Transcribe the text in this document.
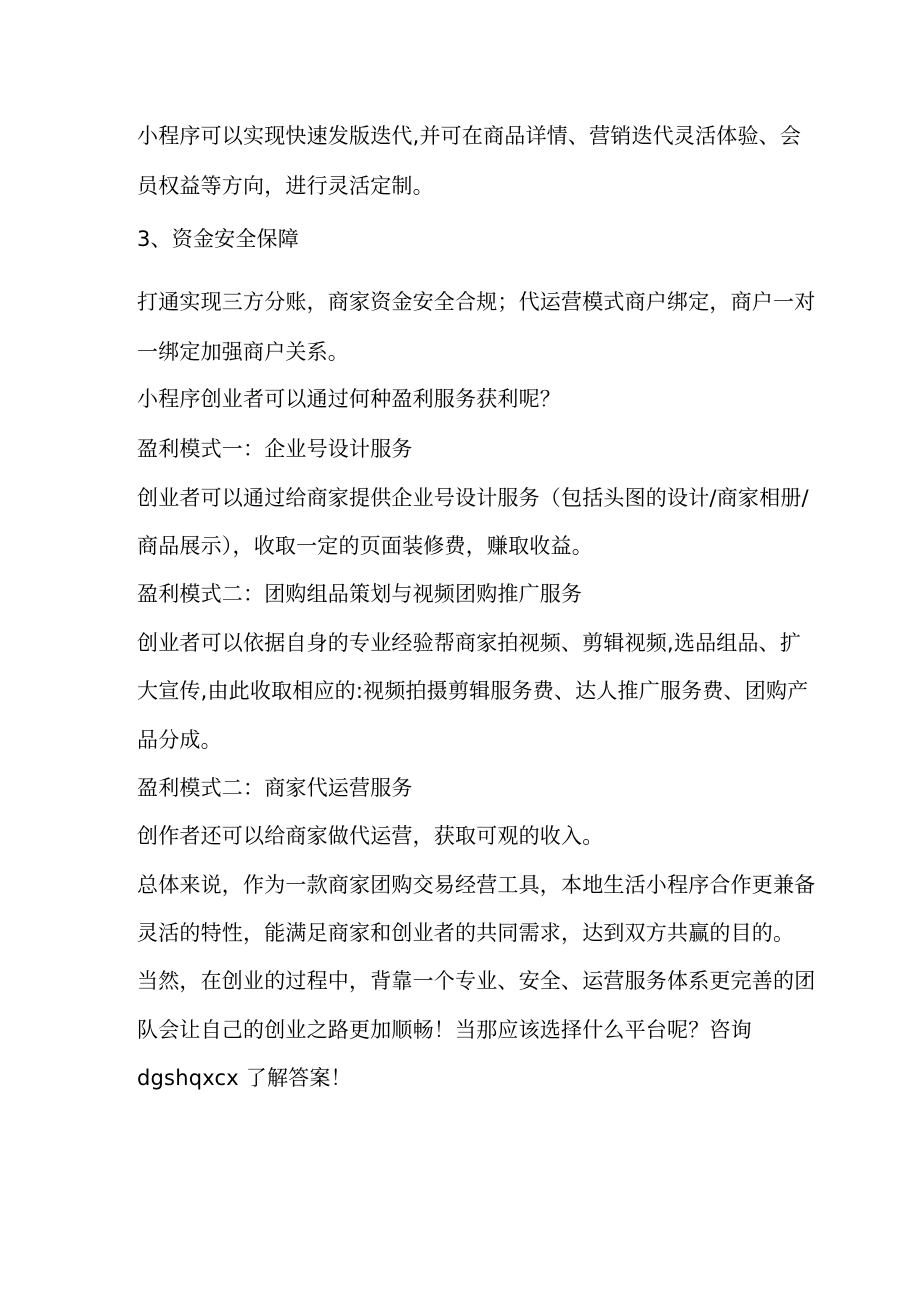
小程序可以实现快速发版迭代,并可在商品详情、营销迭代灵活体验、会
员权益等方向，进行灵活定制。
3、资金安全保障
打通实现三方分账，商家资金安全合规；代运营模式商户绑定，商户一对
一绑定加强商户关系。
小程序创业者可以通过何种盈利服务获利呢？
盈利模式一：企业号设计服务
创业者可以通过给商家提供企业号设计服务（包括头图的设计/商家相册/
商品展示），收取一定的页面装修费，赚取收益。
盈利模式二：团购组品策划与视频团购推广服务
创业者可以依据自身的专业经验帮商家拍视频、剪辑视频,选品组品、扩
大宣传,由此收取相应的:视频拍摄剪辑服务费、达人推广服务费、团购产
品分成。
盈利模式二：商家代运营服务
创作者还可以给商家做代运营，获取可观的收入。
总体来说，作为一款商家团购交易经营工具，本地生活小程序合作更兼备
灵活的特性，能满足商家和创业者的共同需求，达到双方共赢的目的。
当然，在创业的过程中，背靠一个专业、安全、运营服务体系更完善的团
队会让自己的创业之路更加顺畅！当那应该选择什么平台呢？咨询
dgshqxcx 了解答案！
